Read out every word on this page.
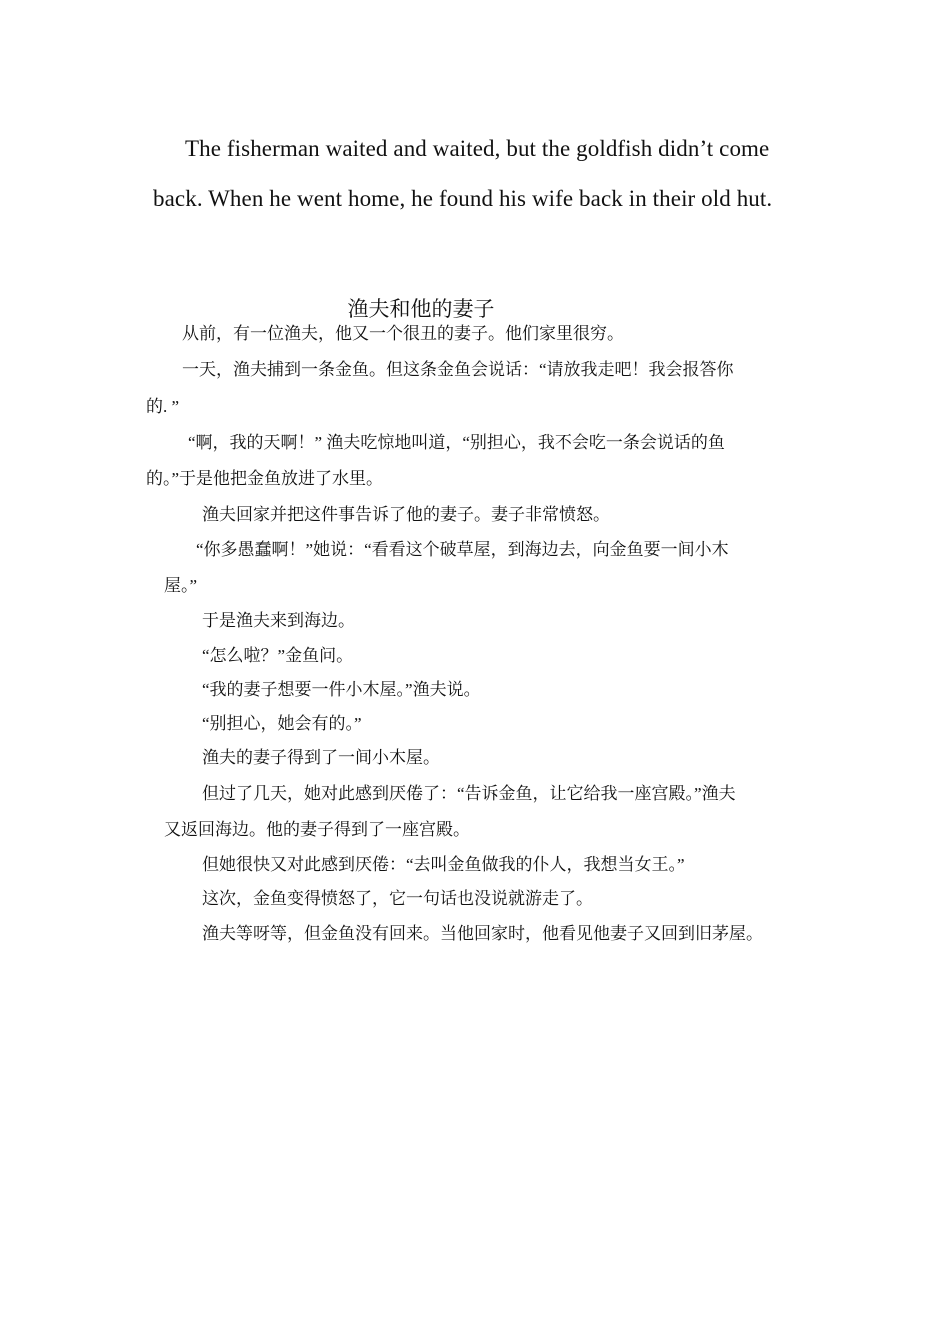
The fisherman waited and waited, but the goldfish didn’t come
back. When he went home, he found his wife back in their old hut.
渔夫和他的妻子
从前，有一位渔夫，他又一个很丑的妻子。他们家里很穷。
一天，渔夫捕到一条金鱼。但这条金鱼会说话：“请放我走吧！我会报答你
的. ”
“啊，我的天啊！” 渔夫吃惊地叫道，“别担心，我不会吃一条会说话的鱼
的。”于是他把金鱼放进了水里。
渔夫回家并把这件事告诉了他的妻子。妻子非常愤怒。
“你多愚蠢啊！”她说：“看看这个破草屋，到海边去，向金鱼要一间小木
屋。”
于是渔夫来到海边。
“怎么啦？”金鱼问。
“我的妻子想要一件小木屋。”渔夫说。
“别担心，她会有的。”
渔夫的妻子得到了一间小木屋。
但过了几天，她对此感到厌倦了：“告诉金鱼，让它给我一座宫殿。”渔夫
又返回海边。他的妻子得到了一座宫殿。
但她很快又对此感到厌倦：“去叫金鱼做我的仆人，我想当女王。”
这次，金鱼变得愤怒了，它一句话也没说就游走了。
渔夫等呀等，但金鱼没有回来。当他回家时，他看见他妻子又回到旧茅屋。
